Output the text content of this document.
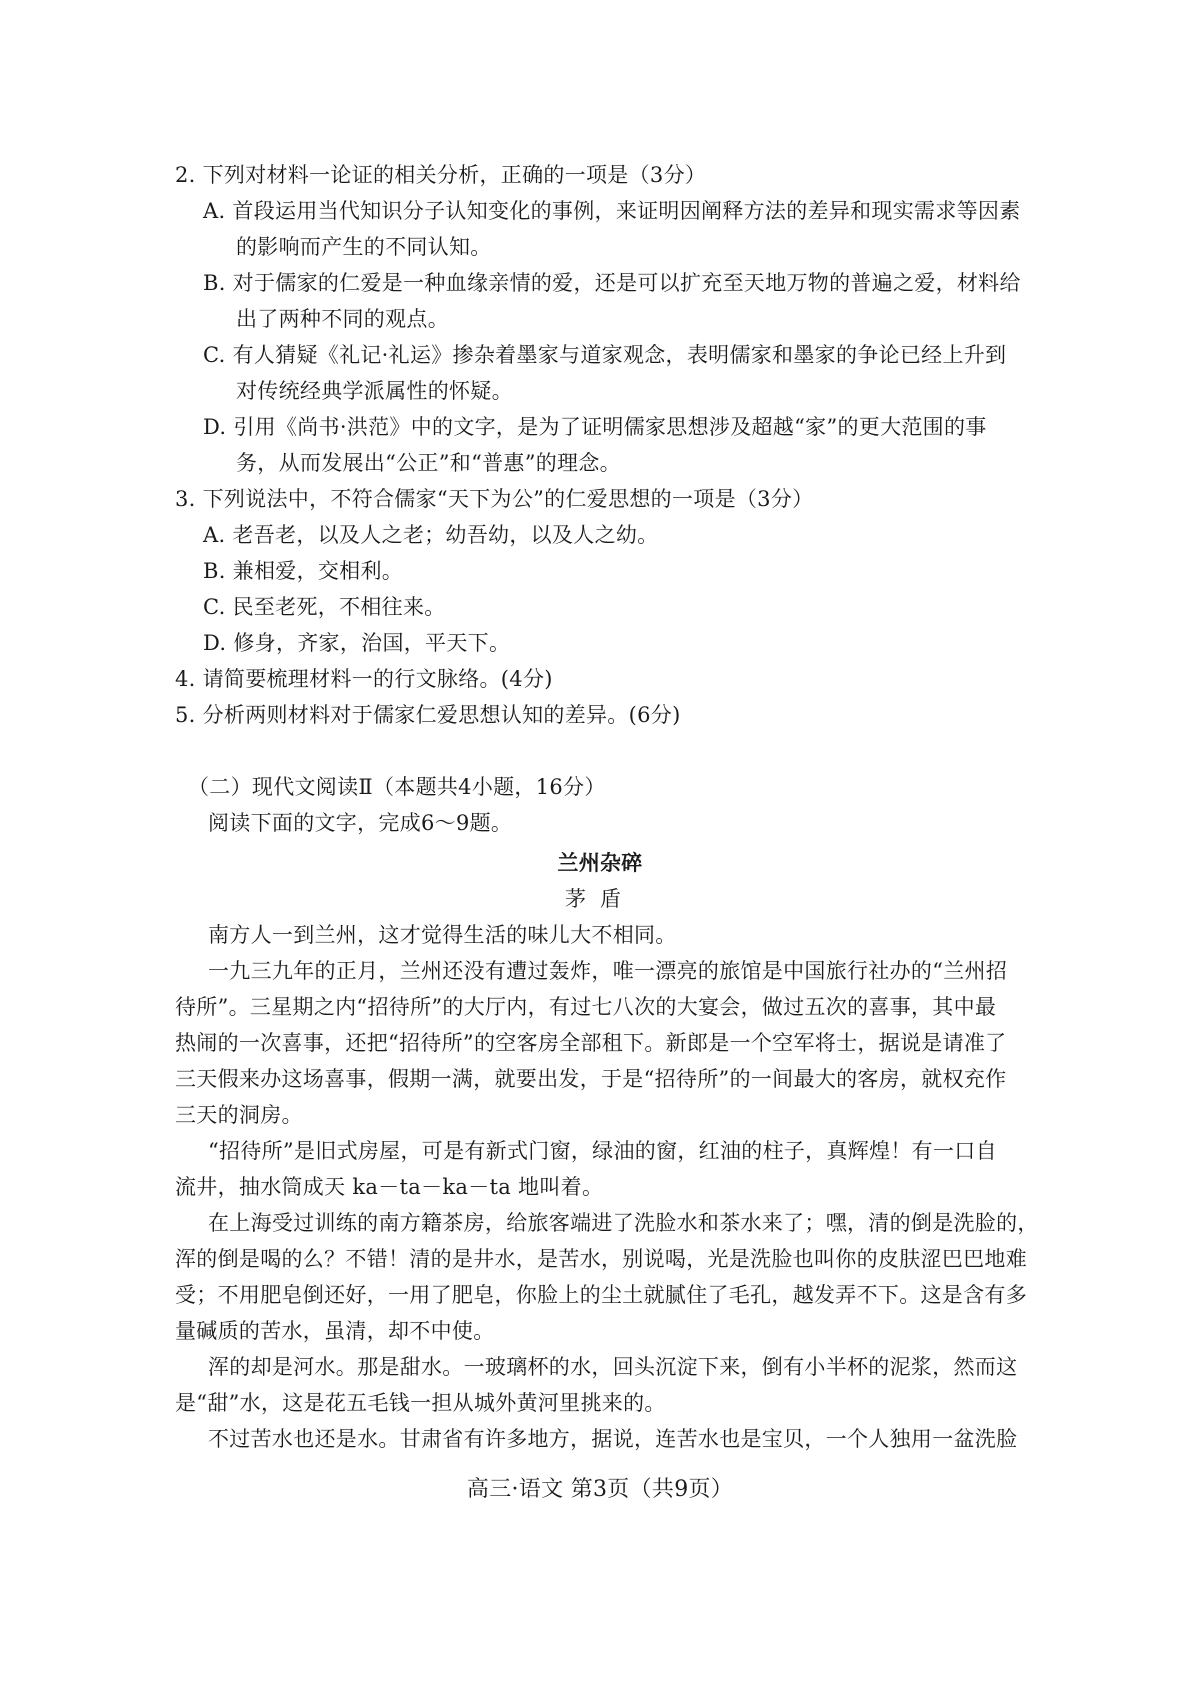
2. 下列对材料一论证的相关分析，正确的一项是（3分）
A. 首段运用当代知识分子认知变化的事例，来证明因阐释方法的差异和现实需求等因素
的影响而产生的不同认知。
B. 对于儒家的仁爱是一种血缘亲情的爱，还是可以扩充至天地万物的普遍之爱，材料给
出了两种不同的观点。
C. 有人猜疑《礼记·礼运》掺杂着墨家与道家观念，表明儒家和墨家的争论已经上升到
对传统经典学派属性的怀疑。
D. 引用《尚书·洪范》中的文字，是为了证明儒家思想涉及超越“家”的更大范围的事
务，从而发展出“公正”和“普惠”的理念。
3. 下列说法中，不符合儒家“天下为公”的仁爱思想的一项是（3分）
A. 老吾老，以及人之老；幼吾幼，以及人之幼。
B. 兼相爱，交相利。
C. 民至老死，不相往来。
D. 修身，齐家，治国，平天下。
4. 请简要梳理材料一的行文脉络。(4分)
5. 分析两则材料对于儒家仁爱思想认知的差异。(6分)
（二）现代文阅读Ⅱ（本题共4小题，16分）
阅读下面的文字，完成6～9题。
兰州杂碎
茅盾
南方人一到兰州，这才觉得生活的味儿大不相同。
一九三九年的正月，兰州还没有遭过轰炸，唯一漂亮的旅馆是中国旅行社办的“兰州招
待所”。三星期之内“招待所”的大厅内，有过七八次的大宴会，做过五次的喜事，其中最
热闹的一次喜事，还把“招待所”的空客房全部租下。新郎是一个空军将士，据说是请准了
三天假来办这场喜事，假期一满，就要出发，于是“招待所”的一间最大的客房，就权充作
三天的洞房。
“招待所”是旧式房屋，可是有新式门窗，绿油的窗，红油的柱子，真辉煌！有一口自
流井，抽水筒成天 ka－ta－ka－ta 地叫着。
在上海受过训练的南方籍茶房，给旅客端进了洗脸水和茶水来了；嘿，清的倒是洗脸的，
浑的倒是喝的么？不错！清的是井水，是苦水，别说喝，光是洗脸也叫你的皮肤涩巴巴地难
受；不用肥皂倒还好，一用了肥皂，你脸上的尘土就腻住了毛孔，越发弄不下。这是含有多
量碱质的苦水，虽清，却不中使。
浑的却是河水。那是甜水。一玻璃杯的水，回头沉淀下来，倒有小半杯的泥浆，然而这
是“甜”水，这是花五毛钱一担从城外黄河里挑来的。
不过苦水也还是水。甘肃省有许多地方，据说，连苦水也是宝贝，一个人独用一盆洗脸
高三·语文 第3页（共9页）
